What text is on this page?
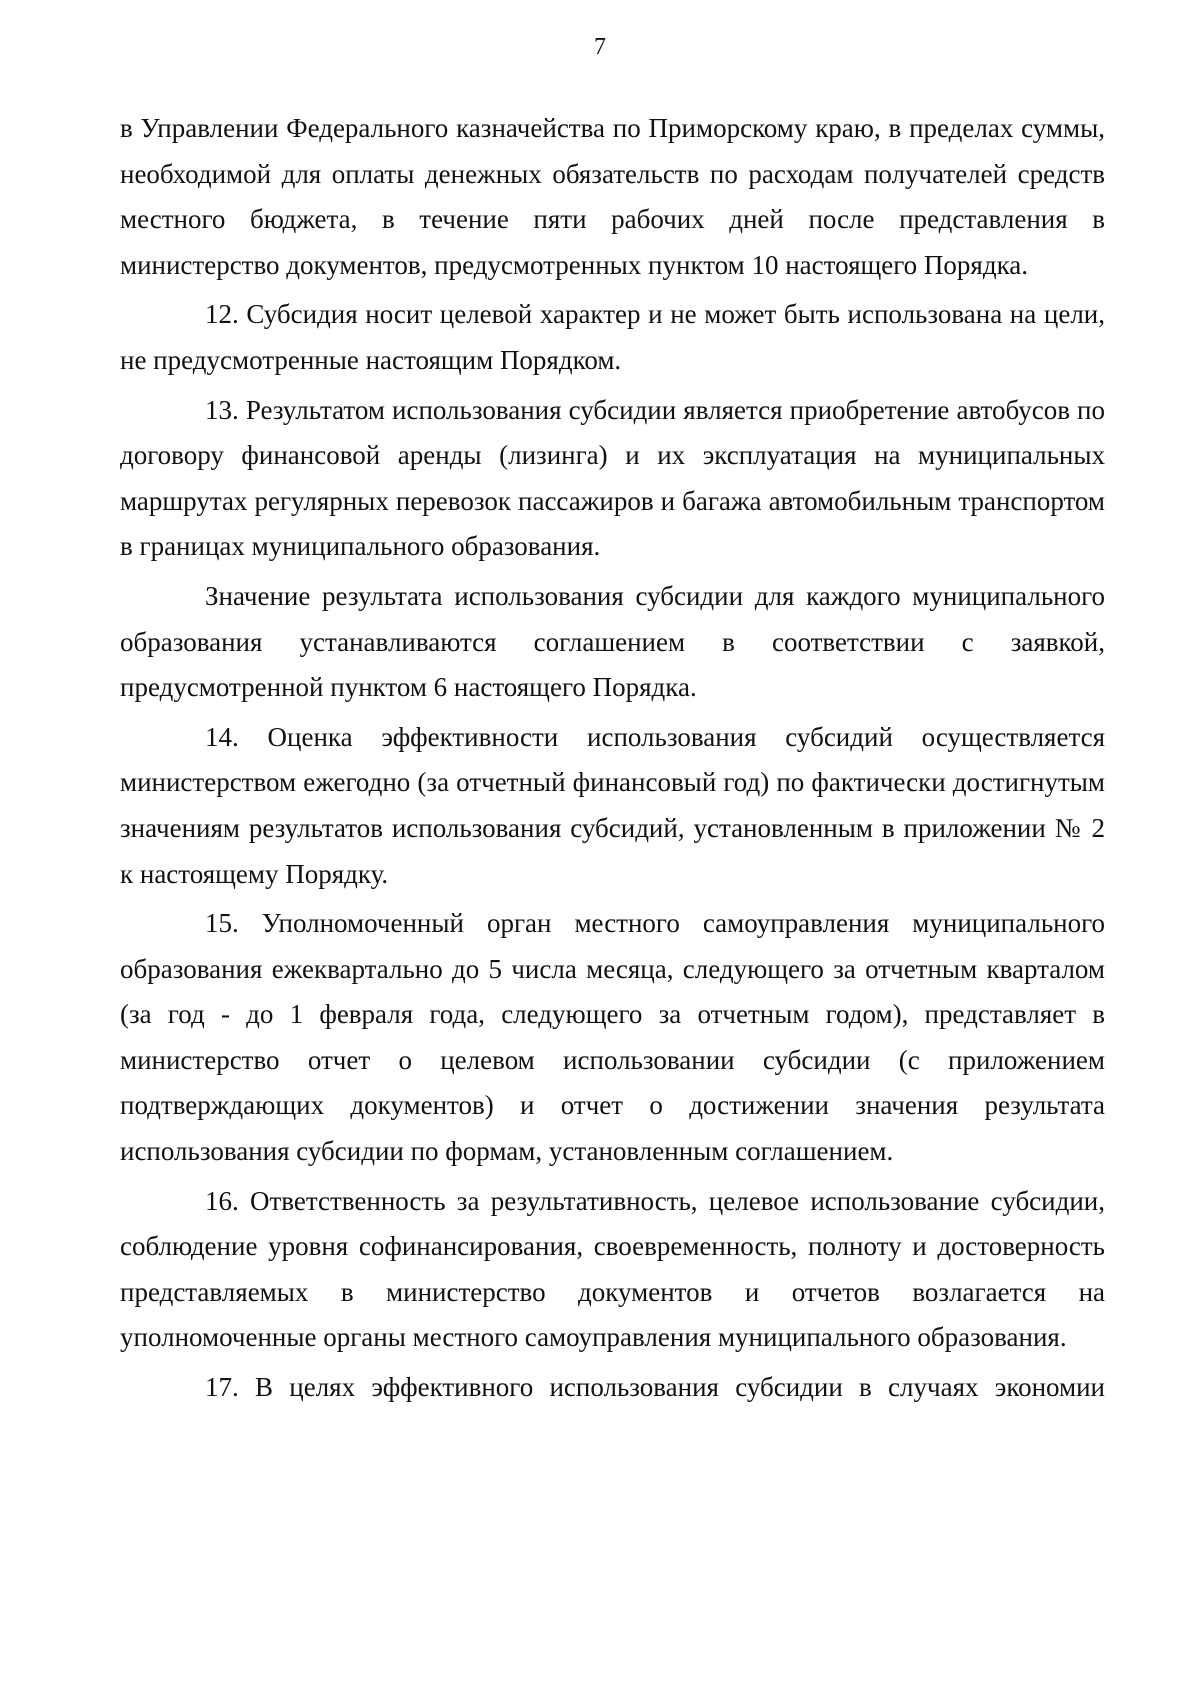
7

в Управлении Федерального казначейства по Приморскому краю, в пределах суммы, необходимой для оплаты денежных обязательств по расходам получателей средств местного бюджета, в течение пяти рабочих дней после представления в министерство документов, предусмотренных пунктом 10 настоящего Порядка.

12. Субсидия носит целевой характер и не может быть использована на цели, не предусмотренные настоящим Порядком.

13. Результатом использования субсидии является приобретение автобусов по договору финансовой аренды (лизинга) и их эксплуатация на муниципальных маршрутах регулярных перевозок пассажиров и багажа автомобильным транспортом в границах муниципального образования.

Значение результата использования субсидии для каждого муниципального образования устанавливаются соглашением в соответствии с заявкой, предусмотренной пунктом 6 настоящего Порядка.

14. Оценка эффективности использования субсидий осуществляется министерством ежегодно (за отчетный финансовый год) по фактически достигнутым значениям результатов использования субсидий, установленным в приложении № 2 к настоящему Порядку.

15. Уполномоченный орган местного самоуправления муниципального образования ежеквартально до 5 числа месяца, следующего за отчетным кварталом (за год - до 1 февраля года, следующего за отчетным годом), представляет в министерство отчет о целевом использовании субсидии (с приложением подтверждающих документов) и отчет о достижении значения результата использования субсидии по формам, установленным соглашением.

16. Ответственность за результативность, целевое использование субсидии, соблюдение уровня софинансирования, своевременность, полноту и достоверность представляемых в министерство документов и отчетов возлагается на уполномоченные органы местного самоуправления муниципального образования.

17. В целях эффективного использования субсидии в случаях экономии
